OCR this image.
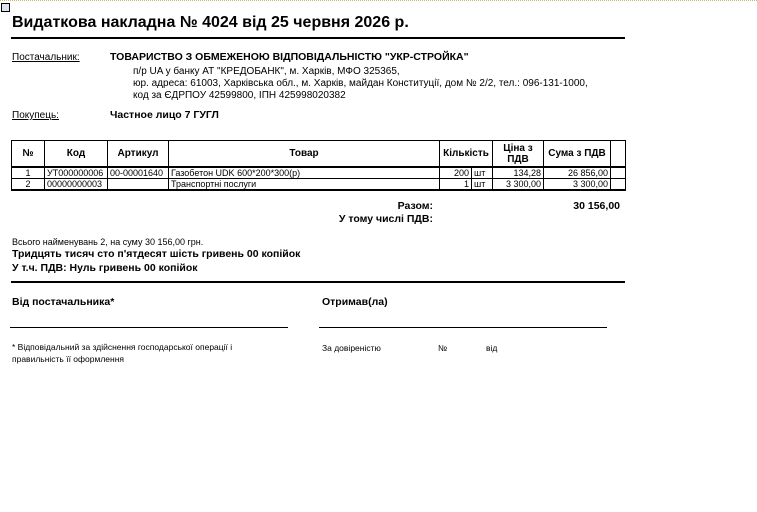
Видаткова накладна № 4024 від 25 червня 2026 р.
Постачальник:	ТОВАРИСТВО З ОБМЕЖЕНОЮ ВІДПОВІДАЛЬНІСТЮ "УКР-СТРОЙКА"
п/р UA у банку АТ "КРЕДОБАНК", м. Харків, МФО 325365,
юр. адреса: 61003, Харківська обл., м. Харків, майдан Конституції, дом № 2/2, тел.: 096-131-1000,
код за ЄДРПОУ 42599800, ІПН 425998020382
Покупець:	Частное лицо 7 ГУГЛ
№	Код	Артикул	Товар	Кількість		Ціна з ПДВ	Сума з ПДВ	
1	УТ000000006	00-00001640	Газобетон UDK 600*200*300(р)	200	шт	134,28	26 856,00	
2	00000000003		Транспортні послуги	1	шт	3 300,00	3 300,00	
Разом:	30 156,00
У тому числі ПДВ:
Всього найменувань 2, на суму 30 156,00 грн.
Тридцять тисяч сто п'ятдесят шість гривень 00 копійок
У т.ч. ПДВ: Нуль гривень 00 копійок
Від постачальника*	Отримав(ла)
* Відповідальний за здійснення господарської операції і
правильність її оформлення
За довіреністю	№	від
